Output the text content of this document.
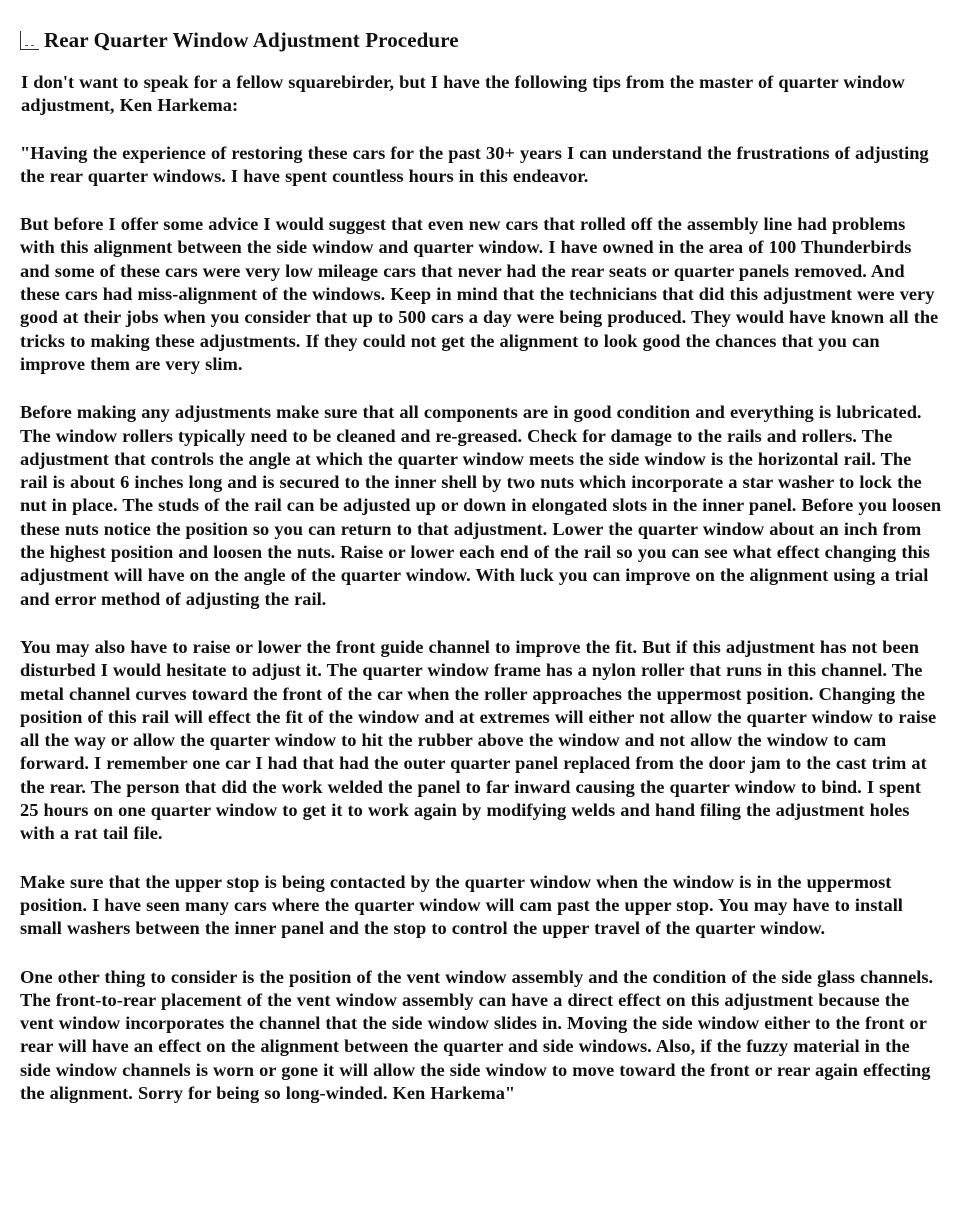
Rear Quarter Window Adjustment Procedure

I don't want to speak for a fellow squarebirder, but I have the following tips from the master of quarter window adjustment, Ken Harkema:

"Having the experience of restoring these cars for the past 30+ years I can understand the frustrations of adjusting the rear quarter windows. I have spent countless hours in this endeavor.

But before I offer some advice I would suggest that even new cars that rolled off the assembly line had problems with this alignment between the side window and quarter window. I have owned in the area of 100 Thunderbirds and some of these cars were very low mileage cars that never had the rear seats or quarter panels removed. And these cars had miss-alignment of the windows. Keep in mind that the technicians that did this adjustment were very good at their jobs when you consider that up to 500 cars a day were being produced. They would have known all the tricks to making these adjustments. If they could not get the alignment to look good the chances that you can improve them are very slim.

Before making any adjustments make sure that all components are in good condition and everything is lubricated. The window rollers typically need to be cleaned and re-greased. Check for damage to the rails and rollers. The adjustment that controls the angle at which the quarter window meets the side window is the horizontal rail. The rail is about 6 inches long and is secured to the inner shell by two nuts which incorporate a star washer to lock the nut in place. The studs of the rail can be adjusted up or down in elongated slots in the inner panel. Before you loosen these nuts notice the position so you can return to that adjustment. Lower the quarter window about an inch from the highest position and loosen the nuts. Raise or lower each end of the rail so you can see what effect changing this adjustment will have on the angle of the quarter window. With luck you can improve on the alignment using a trial and error method of adjusting the rail.

You may also have to raise or lower the front guide channel to improve the fit. But if this adjustment has not been disturbed I would hesitate to adjust it. The quarter window frame has a nylon roller that runs in this channel. The metal channel curves toward the front of the car when the roller approaches the uppermost position. Changing the position of this rail will effect the fit of the window and at extremes will either not allow the quarter window to raise all the way or allow the quarter window to hit the rubber above the window and not allow the window to cam forward. I remember one car I had that had the outer quarter panel replaced from the door jam to the cast trim at the rear. The person that did the work welded the panel to far inward causing the quarter window to bind. I spent 25 hours on one quarter window to get it to work again by modifying welds and hand filing the adjustment holes with a rat tail file.

Make sure that the upper stop is being contacted by the quarter window when the window is in the uppermost position. I have seen many cars where the quarter window will cam past the upper stop. You may have to install small washers between the inner panel and the stop to control the upper travel of the quarter window.

One other thing to consider is the position of the vent window assembly and the condition of the side glass channels. The front-to-rear placement of the vent window assembly can have a direct effect on this adjustment because the vent window incorporates the channel that the side window slides in. Moving the side window either to the front or rear will have an effect on the alignment between the quarter and side windows. Also, if the fuzzy material in the side window channels is worn or gone it will allow the side window to move toward the front or rear again effecting the alignment. Sorry for being so long-winded. Ken Harkema"
